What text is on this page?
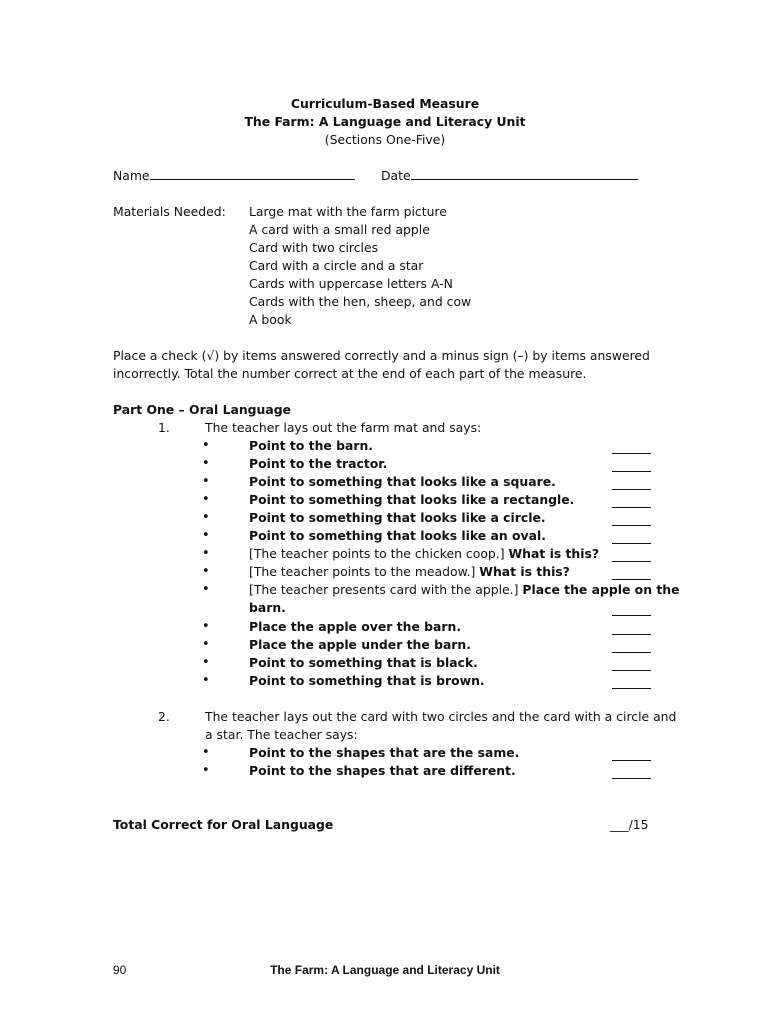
Curriculum-Based Measure
The Farm: A Language and Literacy Unit
(Sections One-Five)
Name	Date
Materials Needed: Large mat with the farm picture
A card with a small red apple
Card with two circles
Card with a circle and a star
Cards with uppercase letters A-N
Cards with the hen, sheep, and cow
A book
Place a check (√) by items answered correctly and a minus sign (–) by items answered
incorrectly. Total the number correct at the end of each part of the measure.
Part One – Oral Language
1.	The teacher lays out the farm mat and says:
•	Point to the barn.
•	Point to the tractor.
•	Point to something that looks like a square.
•	Point to something that looks like a rectangle.
•	Point to something that looks like a circle.
•	Point to something that looks like an oval.
•	[The teacher points to the chicken coop.] What is this?
•	[The teacher points to the meadow.] What is this?
•	[The teacher presents card with the apple.] Place the apple on the
barn.
•	Place the apple over the barn.
•	Place the apple under the barn.
•	Point to something that is black.
•	Point to something that is brown.
2.	The teacher lays out the card with two circles and the card with a circle and
a star. The teacher says:
•	Point to the shapes that are the same.
•	Point to the shapes that are different.
Total Correct for Oral Language	___/15
90	The Farm: A Language and Literacy Unit
